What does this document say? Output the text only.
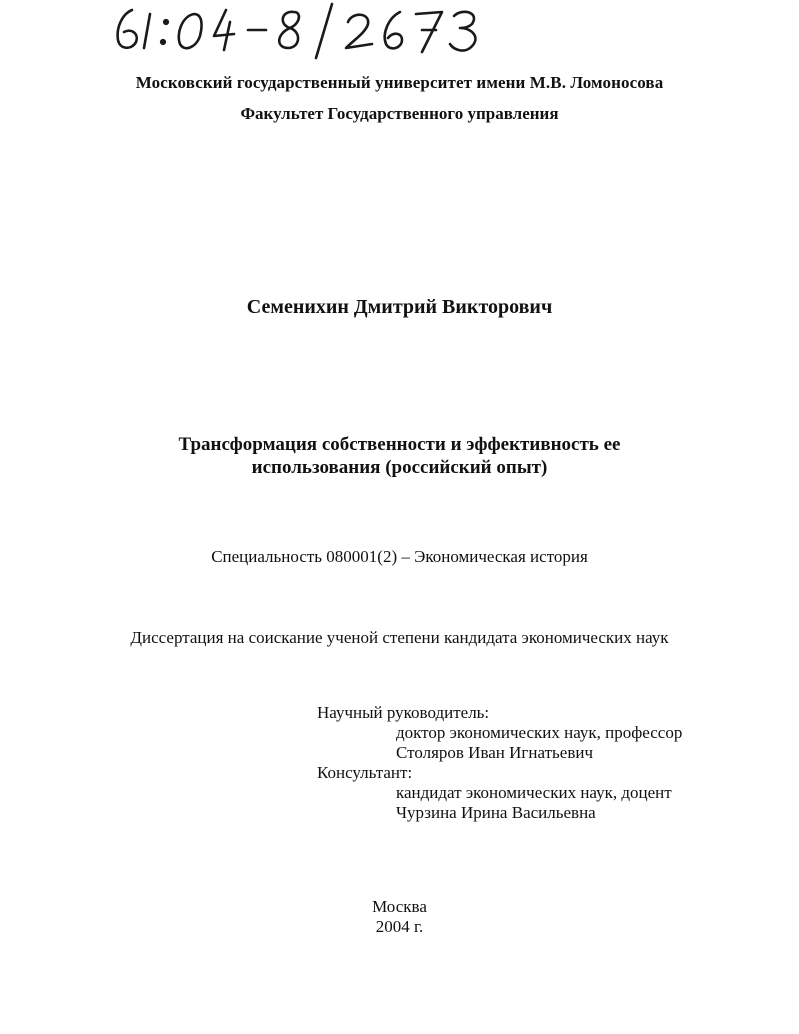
Московский государственный университет имени М.В. Ломоносова
Факультет Государственного управления
Семенихин Дмитрий Викторович
Трансформация собственности и эффективность ее
использования (российский опыт)
Специальность 080001(2) – Экономическая история
Диссертация на соискание ученой степени кандидата экономических наук
Научный руководитель:
доктор экономических наук, профессор
Столяров Иван Игнатьевич
Консультант:
кандидат экономических наук, доцент
Чурзина Ирина Васильевна
Москва
2004 г.
